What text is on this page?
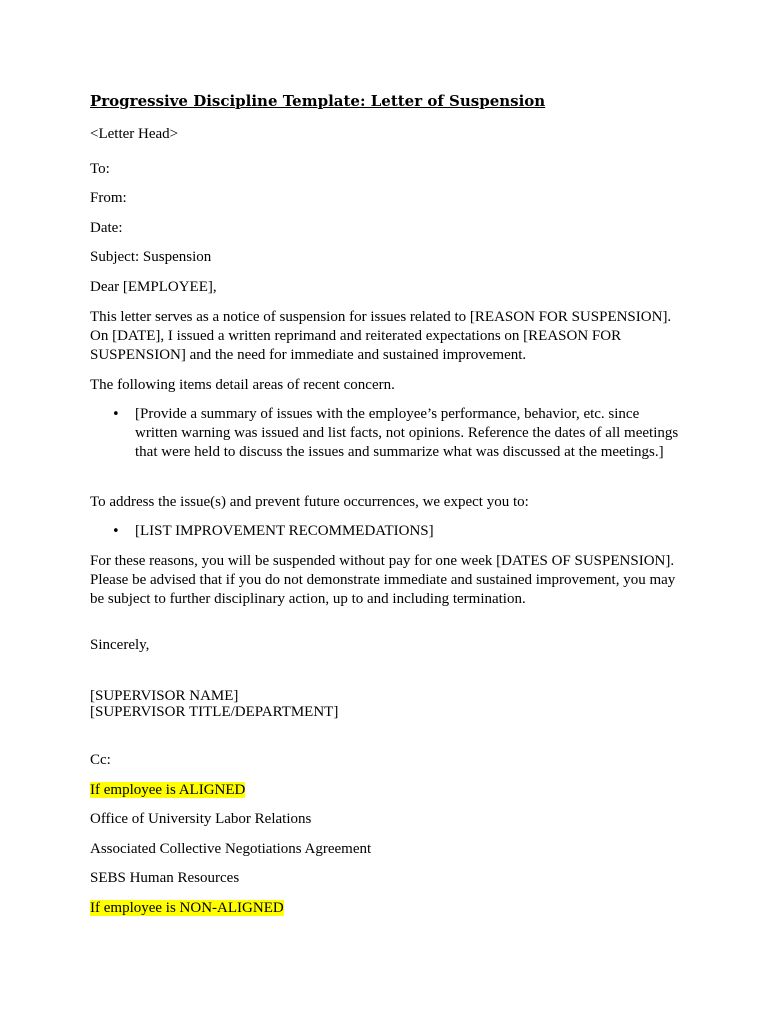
Progressive Discipline Template: Letter of Suspension
<Letter Head>
To:
From:
Date:
Subject: Suspension
Dear [EMPLOYEE],
This letter serves as a notice of suspension for issues related to [REASON FOR SUSPENSION]. On [DATE], I issued a written reprimand and reiterated expectations on [REASON FOR SUSPENSION] and the need for immediate and sustained improvement.
The following items detail areas of recent concern.
• [Provide a summary of issues with the employee’s performance, behavior, etc. since written warning was issued and list facts, not opinions. Reference the dates of all meetings that were held to discuss the issues and summarize what was discussed at the meetings.]
To address the issue(s) and prevent future occurrences, we expect you to:
• [LIST IMPROVEMENT RECOMMEDATIONS]
For these reasons, you will be suspended without pay for one week [DATES OF SUSPENSION]. Please be advised that if you do not demonstrate immediate and sustained improvement, you may be subject to further disciplinary action, up to and including termination.
Sincerely,
[SUPERVISOR NAME]
[SUPERVISOR TITLE/DEPARTMENT]
Cc:
If employee is ALIGNED
Office of University Labor Relations
Associated Collective Negotiations Agreement
SEBS Human Resources
If employee is NON-ALIGNED
